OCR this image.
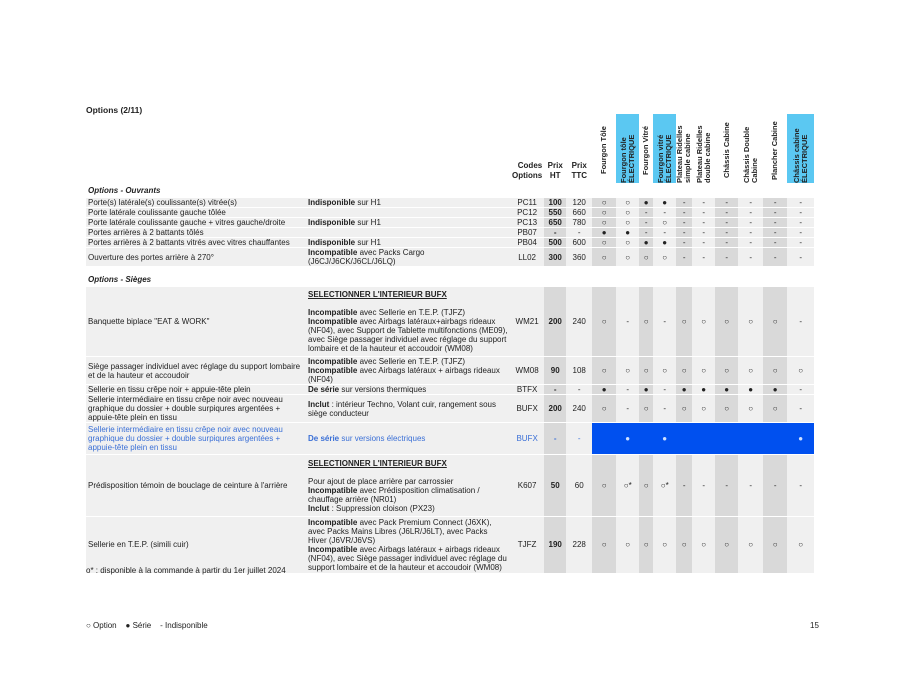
Options (2/11)
		Codes Options	Prix HT	Prix TTC	Fourgon Tôle	Fourgon tôle ÉLECTRIQUE	Fourgon Vitré	Fourgon vitré ÉLECTRIQUE	Plateau Ridelles simple cabine	Plateau Ridelles double cabine	Châssis Cabine	Châssis Double Cabine	Plancher Cabine	Châssis cabine ÉLECTRIQUE

Options - Ouvrants														
Porte(s) latérale(s) coulissante(s) vitrée(s)	Indisponible sur H1	PC11	100	120	○	○	●	●	-	-	-	-	-	-
Porte latérale coulissante gauche tôlée		PC12	550	660	○	○	-	-	-	-	-	-	-	-
Porte latérale coulissante gauche + vitres gauche/droite	Indisponible sur H1	PC13	650	780	○	○	-	○	-	-	-	-	-	-
Portes arrières à 2 battants tôlés		PB07	-	-	●	●	-	-	-	-	-	-	-	-
Portes arrières à 2 battants vitrés avec vitres chauffantes	Indisponible sur H1	PB04	500	600	○	○	●	●	-	-	-	-	-	-
Ouverture des portes arrière à 270°	Incompatible avec Packs Cargo (J6CJ/J6CK/J6CL/J6LQ)	LL02	300	360	○	○	○	○	-	-	-	-	-	-

Options - Sièges														
Banquette biplace "EAT & WORK"	SELECTIONNER L'INTERIEUR BUFX

Incompatible avec Sellerie en T.E.P. (TJFZ)
Incompatible avec Airbags latéraux+airbags rideaux (NF04), avec Support de Tablette multifonctions (ME09), avec Siège passager individuel avec réglage du support lombaire et de la hauteur et accoudoir (WM08)	WM21	200	240	○	-	○	-	○	○	○	○	○	-
Siège passager individuel avec réglage du support lombaire et de la hauteur et accoudoir	Incompatible avec Sellerie en T.E.P. (TJFZ)
Incompatible avec Airbags latéraux + airbags rideaux (NF04)	WM08	90	108	○	○	○	○	○	○	○	○	○	○
Sellerie en tissu crêpe noir + appuie-tête plein	De série sur versions thermiques	BTFX	-	-	●	-	●	-	●	●	●	●	●	-
Sellerie intermédiaire en tissu crêpe noir avec nouveau graphique du dossier + double surpiqures argentées + appuie-tête plein en tissu	Inclut : intérieur Techno, Volant cuir, rangement sous siège conducteur	BUFX	200	240	○	-	○	-	○	○	○	○	○	-
Sellerie intermédiaire en tissu crêpe noir avec nouveau graphique du dossier + double surpiqures argentées + appuie-tête plein en tissu	De série sur versions électriques	BUFX	-	-		●		●						●
Prédisposition témoin de bouclage de ceinture à l'arrière	SELECTIONNER L'INTERIEUR BUFX

Pour ajout de place arrière par carrossier
Incompatible avec Prédisposition climatisation / chauffage arrière (NR01)
Inclut : Suppression cloison (PX23)	K607	50	60	○	○*	○	○*	-	-	-	-	-	-
Sellerie en T.E.P. (simili cuir)	Incompatible avec Pack Premium Connect (J6XK), avec Packs Mains Libres (J6LR/J6LT), avec Packs Hiver (J6VR/J6VS)
Incompatible avec Airbags latéraux + airbags rideaux (NF04), avec Siège passager individuel avec réglage du support lombaire et de la hauteur et accoudoir (WM08)	TJFZ	190	228	○	○	○	○	○	○	○	○	○	○
o* : disponible à la commande à partir du 1er juillet 2024
○ Option    ● Série    - Indisponible	15
